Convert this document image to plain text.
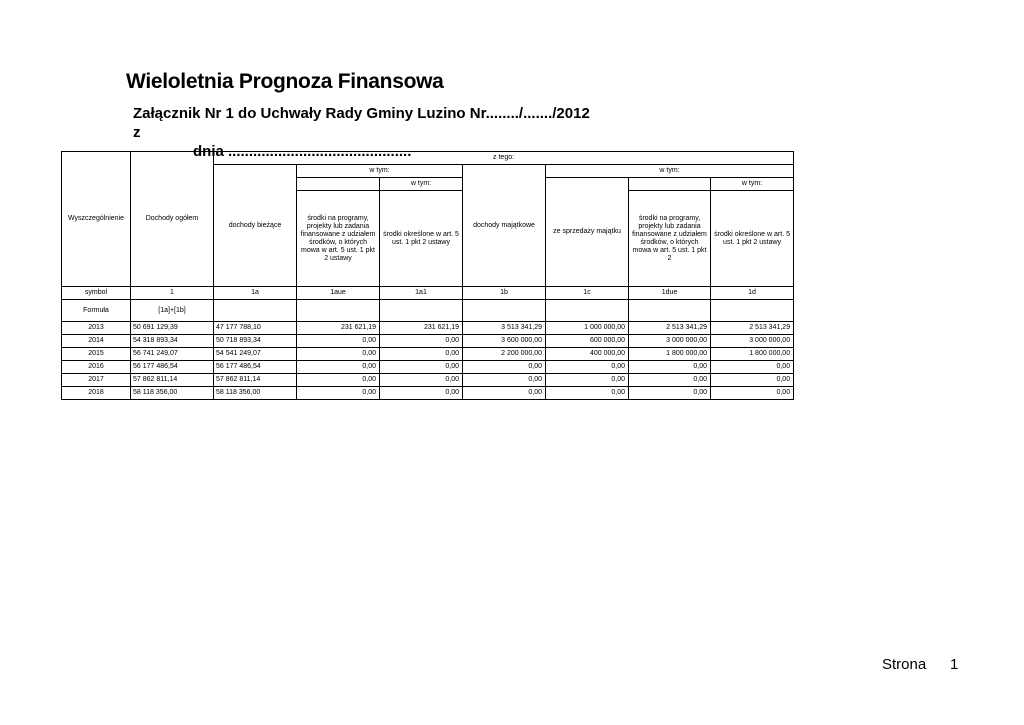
Wieloletnia Prognoza Finansowa
Załącznik Nr 1 do Uchwały Rady Gminy Luzino Nr......../......./2012 z
dnia ............................................
Wyszczególnienie	Dochody ogółem	z tego:						
		dochody bieżące	w tym:		dochody majątkowe	w tym:		
				w tym:		ze sprzedaży majątku		w tym:
			środki na programy, projekty lub zadania finansowane z udziałem środków, o których mowa w art. 5 ust. 1 pkt 2 ustawy	środki określone w art. 5 ust. 1 pkt 2 ustawy			środki na programy, projekty lub zadania finansowane z udziałem środków, o których mowa w art. 5 ust. 1 pkt 2	środki określone w art. 5 ust. 1 pkt 2 ustawy
symbol	1	1a	1aue	1a1	1b	1c	1due	1d
Formuła	[1a]+[1b]							
2013	50 691 129,39	47 177 788,10	231 621,19	231 621,19	3 513 341,29	1 000 000,00	2 513 341,29	2 513 341,29
2014	54 318 893,34	50 718 893,34	0,00	0,00	3 600 000,00	600 000,00	3 000 000,00	3 000 000,00
2015	56 741 249,07	54 541 249,07	0,00	0,00	2 200 000,00	400 000,00	1 800 000,00	1 800 000,00
2016	56 177 486,54	56 177 486,54	0,00	0,00	0,00	0,00	0,00	0,00
2017	57 862 811,14	57 862 811,14	0,00	0,00	0,00	0,00	0,00	0,00
2018	58 118 356,00	58 118 356,00	0,00	0,00	0,00	0,00	0,00	0,00
Strona 1
